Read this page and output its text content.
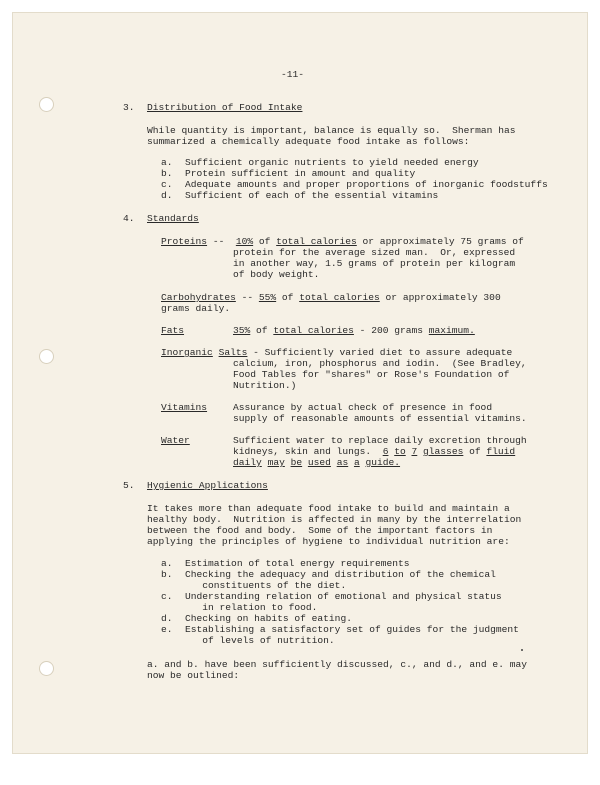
-11-
3. Distribution of Food Intake
While quantity is important, balance is equally so.  Sherman has
summarized a chemically adequate food intake as follows:
a. Sufficient organic nutrients to yield needed energy
b. Protein sufficient in amount and quality
c. Adequate amounts and proper proportions of inorganic foodstuffs
d. Sufficient of each of the essential vitamins
4. Standards
Proteins -- 10% of total calories or approximately 75 grams of
protein for the average sized man.  Or, expressed
in another way, 1.5 grams of protein per kilogram
of body weight.
Carbohydrates -- 55% of total calories or approximately 300
grams daily.
Fats	35% of total calories - 200 grams maximum.
Inorganic Salts - Sufficiently varied diet to assure adequate
calcium, iron, phosphorus and iodin.  (See Bradley,
Food Tables for "shares" or Rose's Foundation of
Nutrition.)
Vitamins	Assurance by actual check of presence in food
supply of reasonable amounts of essential vitamins.
Water	Sufficient water to replace daily excretion through
kidneys, skin and lungs.  6 to 7 glasses of fluid
daily may be used as a guide.
5. Hygienic Applications
It takes more than adequate food intake to build and maintain a
healthy body.  Nutrition is affected in many by the interrelation
between the food and body.  Some of the important factors in
applying the principles of hygiene to individual nutrition are:
a. Estimation of total energy requirements
b. Checking the adequacy and distribution of the chemical
constituents of the diet.
c. Understanding relation of emotional and physical status
in relation to food.
d. Checking on habits of eating.
e. Establishing a satisfactory set of guides for the judgment
of levels of nutrition.
a. and b. have been sufficiently discussed, c., and d., and e. may
now be outlined:
